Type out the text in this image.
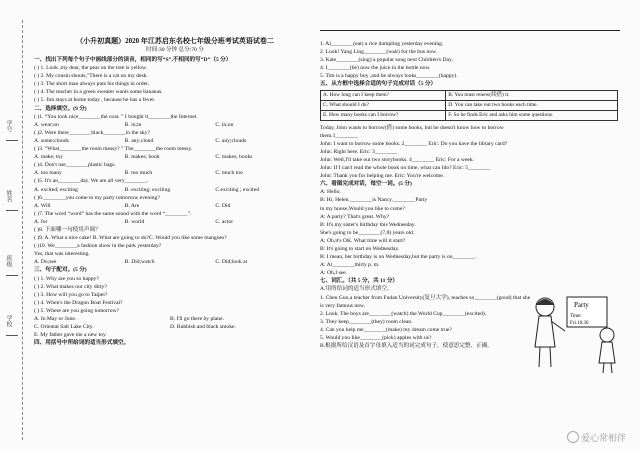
学号
姓名
班级
学校
（小升初真题）2020 年江苏启东名校七年级分班考试英语试卷二
时间:30 分钟 总分:70 分
一、找出下列每个句子中画线部分的读音，相同的写“S”,不相同的写“D”（5 分）
( ) 1. Look ,my dear, the pear on the tree is yellow.
( ) 2. My cousin shouts,"There is a cat on my desk.
( ) 3. The short man always puts his things in order.
( ) 4. The teacher in a green sweater wants some bananas.
( ) 5. Jim stays at home today , because he has a fever.
二、选择填空。(9 分)
( )1. “You look nice________the coat. ” I bought it________the Internet.
A. wear;on	B. in;in	C. in;on
( )2. Were there________black________in the sky?
A. some;clouds	B. any;cloud	C. any;clouds
( )3. “What________the room messy? ” The________the room messy.
A. make; toy	B. makes; book	C. makes; books
( )4. Don't use________plastic bags.
A. too many	B. too much	C. much too
( )5. It's an________day. We are all very________.
A. excited; exciting	B. exciting; exciting	C.exciting ; excited
( )6.________you come to my party tomorrow evening?
A. Will	B. Are	C. Did
( )7. The word “word” has the same sound with the word “________”.
A. for	B. world	C. actor
( )8. 下面哪一句使用声调？
( )9. A. What a nice cake! B. What are going to do?C. Would you like some mangoes?
( )10. We________a fashion show in the park yesterday?
Yes, that was interesting.
A. Do;see	B. Did;watch	C. Did;look at
三、句子配对。(5 分)
( ) 1. Why are you so happy?
( ) 2. What makes our city dirty?
( ) 3. How will you go to Taipei?
( ) 4. When's the Dragon Boat Festival?
( ) 5. Where are you going tomorrow?
A. In May or June.	B. I'll go there by plane.
C. Oriental Salt Lake City.	D. Rubbish and black smoke.
E. My father gave me a new toy.
四、用括号中所给词的适当形式填空。
1. Al________(eat) a rice dumpling yesterday evening.
2. Look! Yang Ling________(wait) for the bus now.
3. Kate________(sing) a popular song next Children's Day.
4. I________(be) now the juice in the bottle now.
5. Tim is a happy boy ,and he always looks________(happy).
五、从方框中选择合适的句子完成对话（5 分）
A. How long can I keep them?	B. You must renew(续借) it.
C. What should I do?	D. You can take out two books each time.
E. How many books can I borrow?	F. So he finds Eric and asks him some questions.
Today, John wants to borrow(借) some books, but he doesn't know how to borrow
them.1________
John: I want to borrow some books. 2________ Eric: Do you have the library card?
John: Right here. Eric: 3________
John: Well,I'll take out two storybooks. 4________ Eric: For a week.
John: If I can't read the whole book on time, what can Ido? Eric: 5________
John: Thank you for helping me. Eric: You're welcome.
六、看图完成对话，每空一词。(5 分)
A: Hello.
B: Hi, Helen.________is Nancy.________Party
in my house,Would you like to come?
A: A party? That's great. Why?
B: It's my sister's birthday this Wednesday.
She's going to be________(7,8) years old.
A: Oh,it's OK. What time will it start?
B: It's going to start on Wednesday.
B: I mean, her birthday is on Wednesday,but the party is on________.
A: At________thirty p. m.
A: Oh,I see.
七、词汇。（共 5 分，共 11 分）
A.用所给词的适当形式填空。
1. Chen Guo,a teacher from Fudan University(复旦大学), teaches so________(good) that she
is very famous now.
2. Look. The boys are________(watch) the World Cup________(excited).
3. They keep________(they) room clean.
4. Can you help me________(make) my dream come true?
5. Would you like________(pick) apples with us?
B.根据所给汉语及首字母填入适当的词完成句子，使意思完整、正确。
Party
Time:
Fri.16:30
爱心常相伴
